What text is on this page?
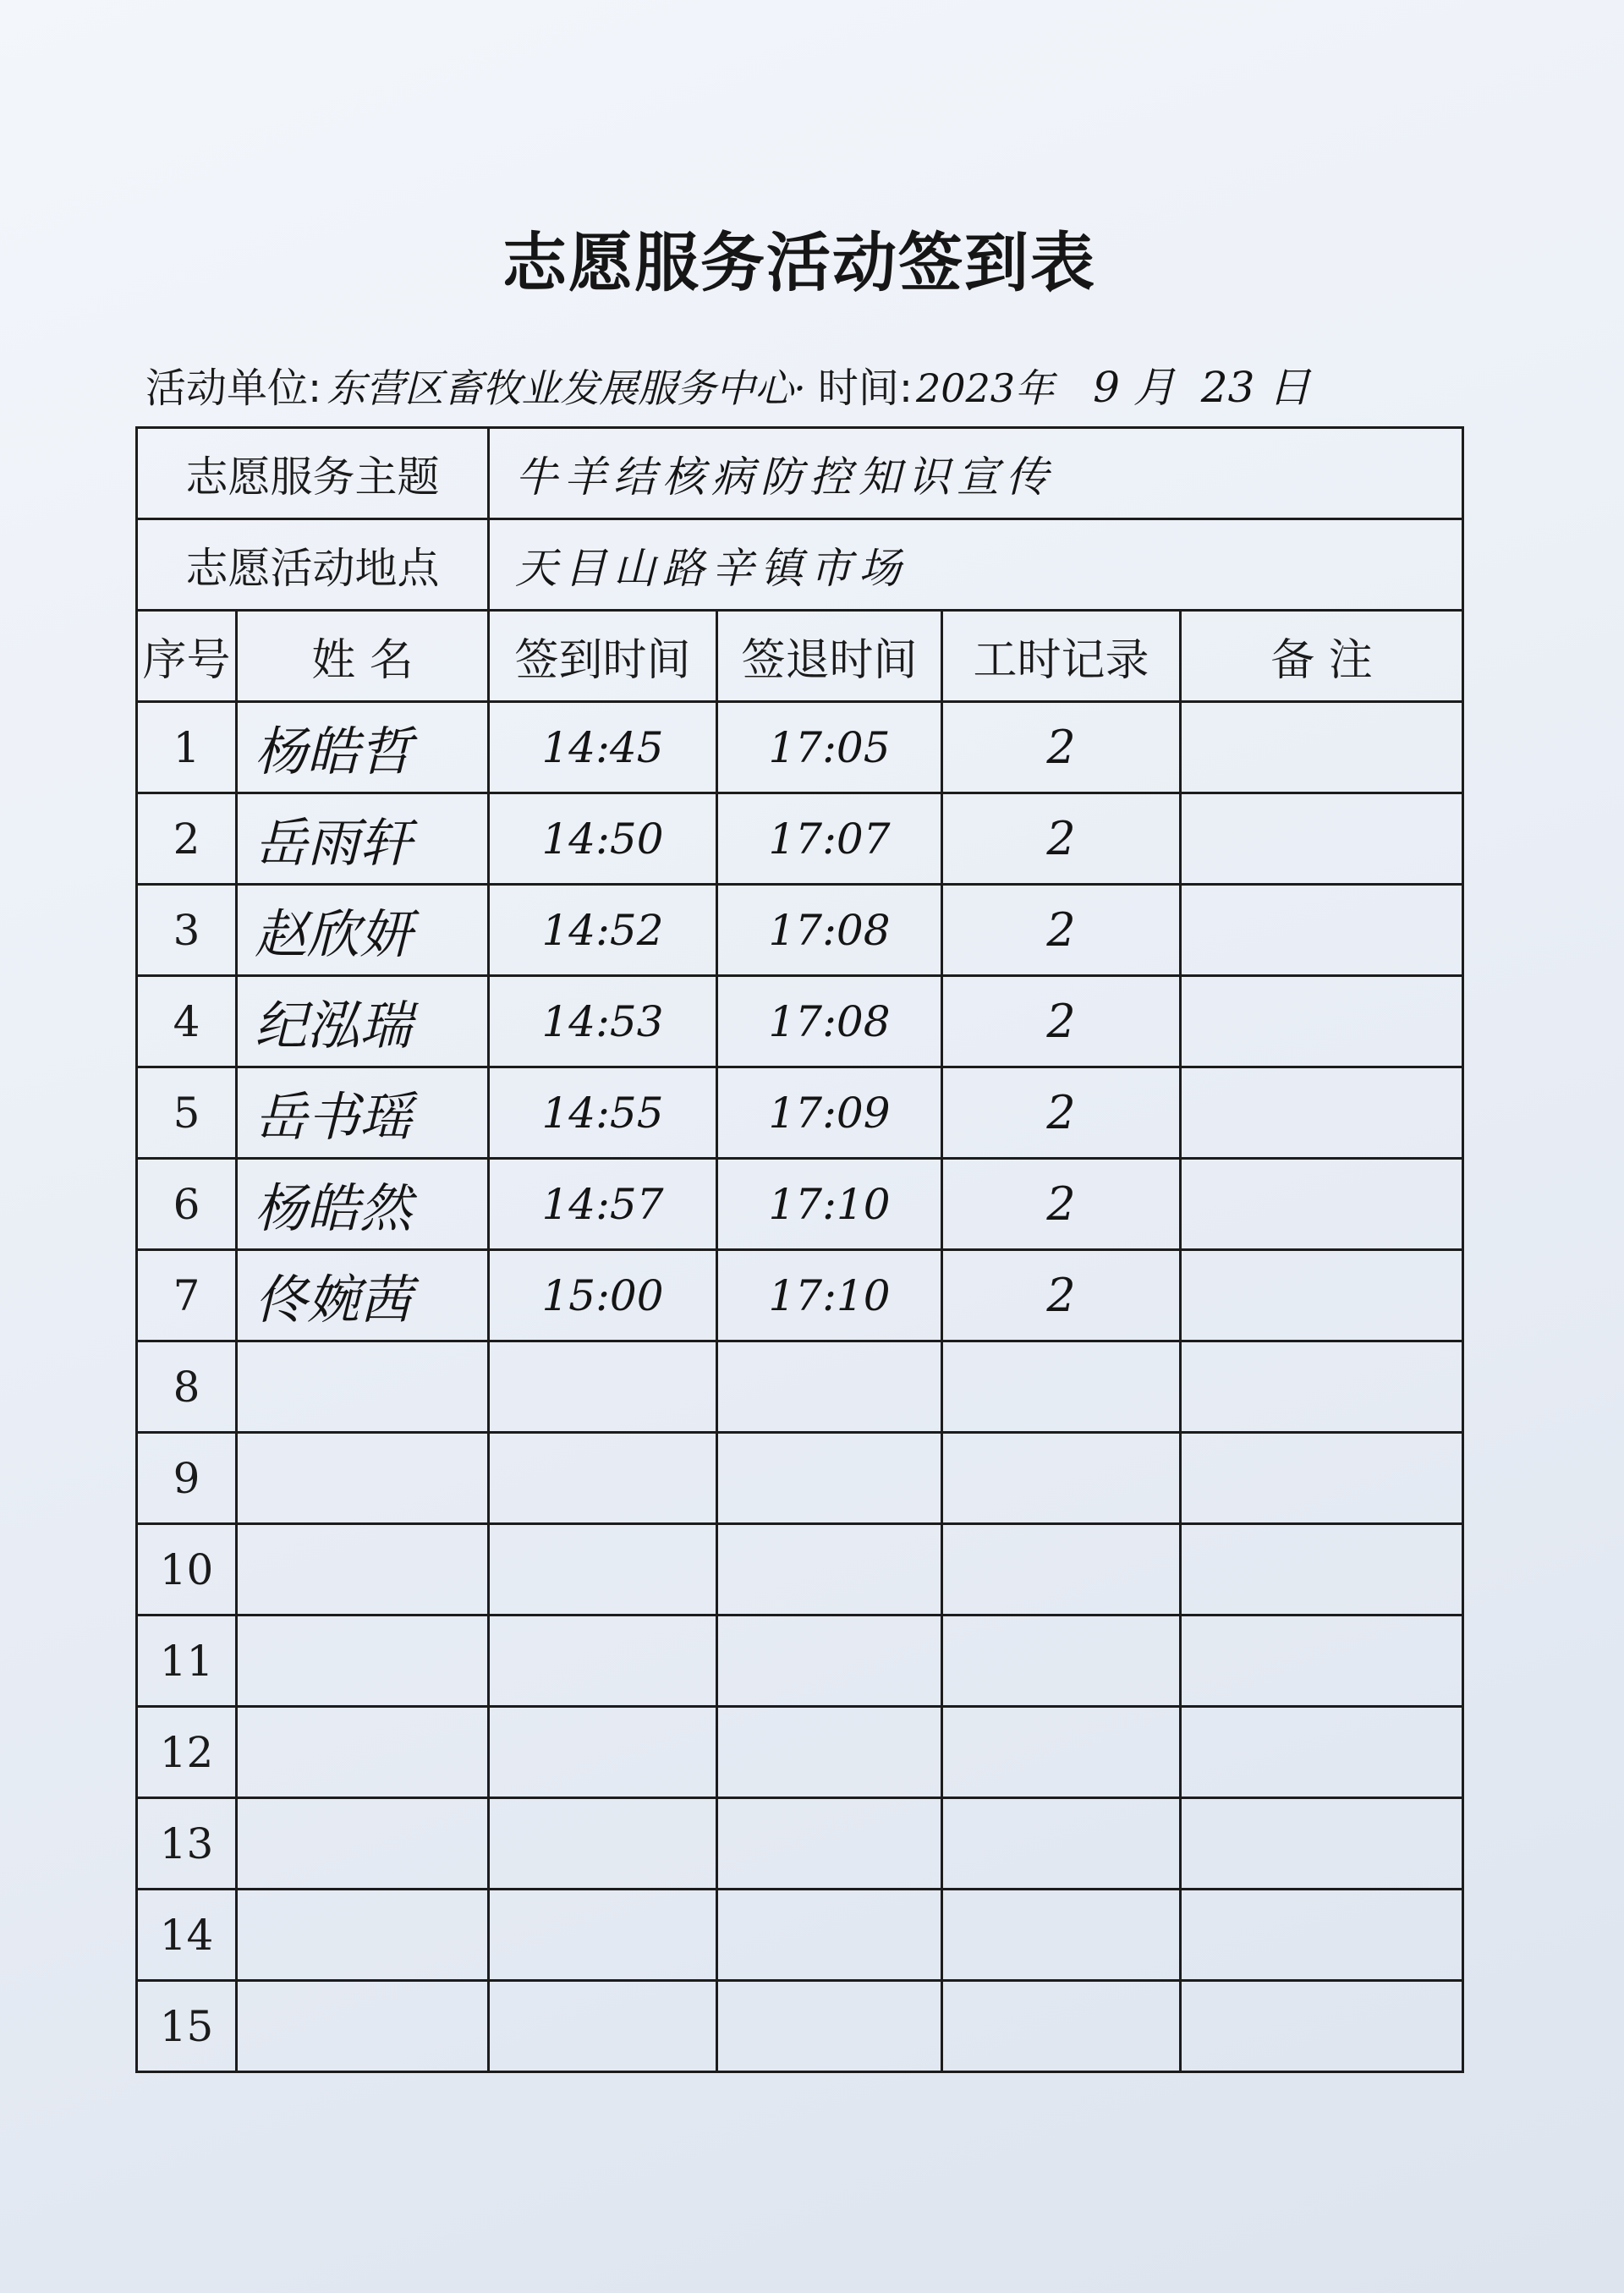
志愿服务活动签到表
活动单位: 东营区畜牧业发展服务中心· 时间:2023年 9 月 23 日
志愿服务主题		牛羊结核病防控知识宣传			
志愿活动地点		天目山路辛镇市场			
序号	姓 名	签到时间	签退时间	工时记录	备 注
1	杨皓哲	14:45	17:05	2	
2	岳雨轩	14:50	17:07	2	
3	赵欣妍	14:52	17:08	2	
4	纪泓瑞	14:53	17:08	2	
5	岳书瑶	14:55	17:09	2	
6	杨皓然	14:57	17:10	2	
7	佟婉茜	15:00	17:10	2	
8					
9					
10					
11					
12					
13					
14					
15					
